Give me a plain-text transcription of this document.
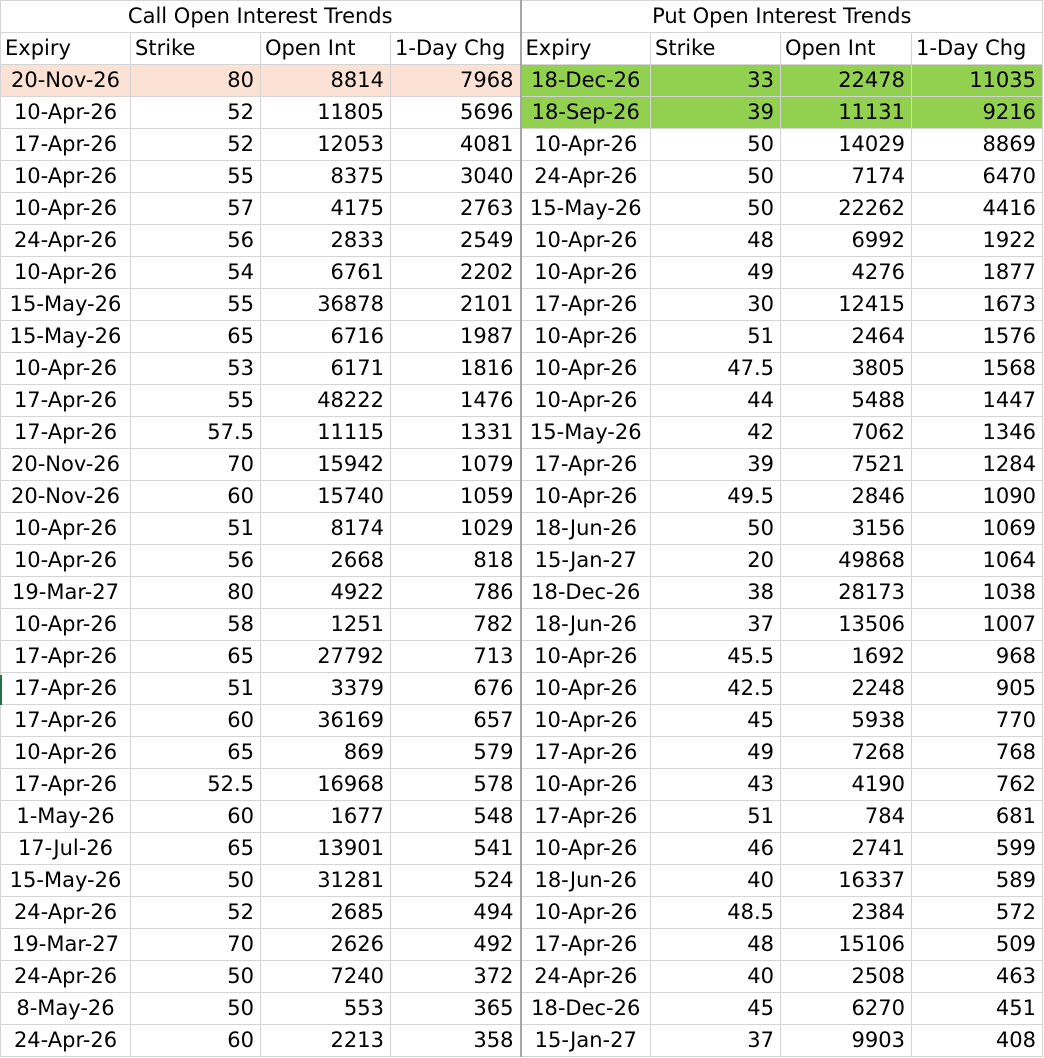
Call Open Interest Trends				Put Open Interest Trends			
Expiry	Strike	Open Int	1-Day Chg	Expiry	Strike	Open Int	1-Day Chg
20-Nov-26	80	8814	7968	18-Dec-26	33	22478	11035
10-Apr-26	52	11805	5696	18-Sep-26	39	11131	9216
17-Apr-26	52	12053	4081	10-Apr-26	50	14029	8869
10-Apr-26	55	8375	3040	24-Apr-26	50	7174	6470
10-Apr-26	57	4175	2763	15-May-26	50	22262	4416
24-Apr-26	56	2833	2549	10-Apr-26	48	6992	1922
10-Apr-26	54	6761	2202	10-Apr-26	49	4276	1877
15-May-26	55	36878	2101	17-Apr-26	30	12415	1673
15-May-26	65	6716	1987	10-Apr-26	51	2464	1576
10-Apr-26	53	6171	1816	10-Apr-26	47.5	3805	1568
17-Apr-26	55	48222	1476	10-Apr-26	44	5488	1447
17-Apr-26	57.5	11115	1331	15-May-26	42	7062	1346
20-Nov-26	70	15942	1079	17-Apr-26	39	7521	1284
20-Nov-26	60	15740	1059	10-Apr-26	49.5	2846	1090
10-Apr-26	51	8174	1029	18-Jun-26	50	3156	1069
10-Apr-26	56	2668	818	15-Jan-27	20	49868	1064
19-Mar-27	80	4922	786	18-Dec-26	38	28173	1038
10-Apr-26	58	1251	782	18-Jun-26	37	13506	1007
17-Apr-26	65	27792	713	10-Apr-26	45.5	1692	968
17-Apr-26	51	3379	676	10-Apr-26	42.5	2248	905
17-Apr-26	60	36169	657	10-Apr-26	45	5938	770
10-Apr-26	65	869	579	17-Apr-26	49	7268	768
17-Apr-26	52.5	16968	578	10-Apr-26	43	4190	762
1-May-26	60	1677	548	17-Apr-26	51	784	681
17-Jul-26	65	13901	541	10-Apr-26	46	2741	599
15-May-26	50	31281	524	18-Jun-26	40	16337	589
24-Apr-26	52	2685	494	10-Apr-26	48.5	2384	572
19-Mar-27	70	2626	492	17-Apr-26	48	15106	509
24-Apr-26	50	7240	372	24-Apr-26	40	2508	463
8-May-26	50	553	365	18-Dec-26	45	6270	451
24-Apr-26	60	2213	358	15-Jan-27	37	9903	408
